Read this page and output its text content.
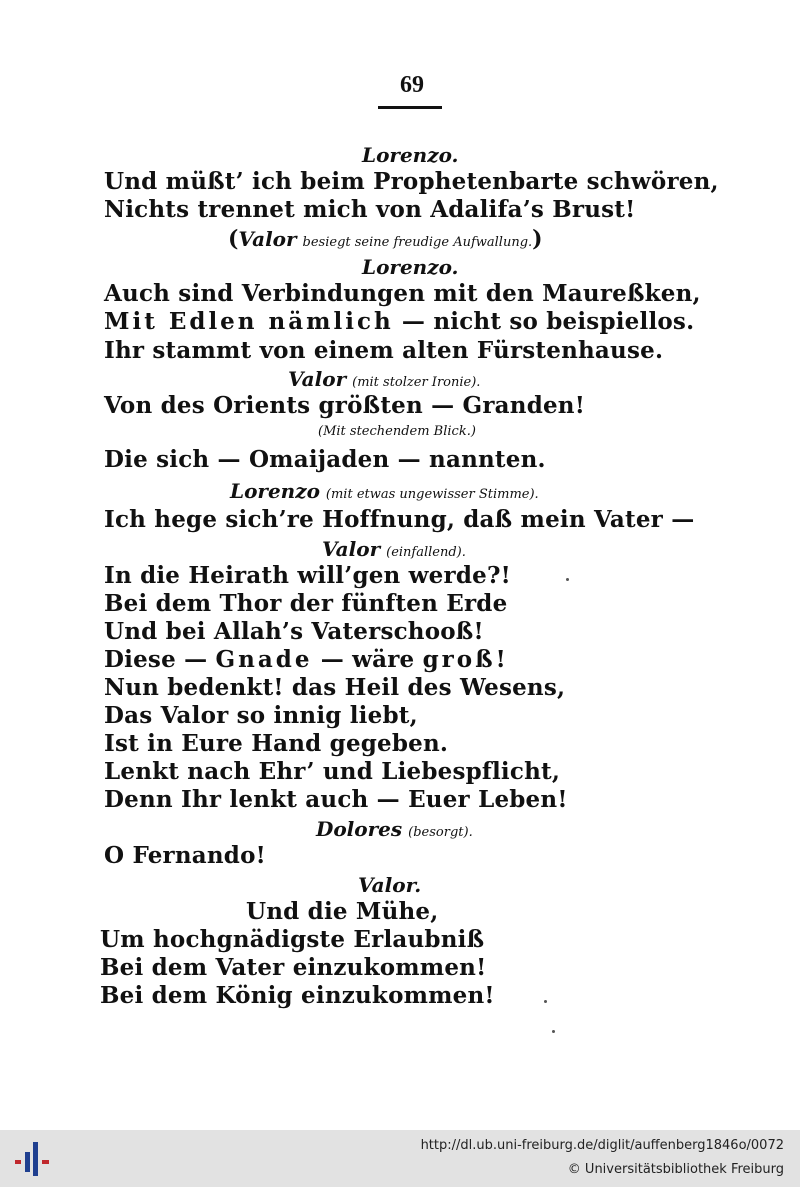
69
Lorenzo.
Und müßt’ ich beim Prophetenbarte schwören,
Nichts trennet mich von Adalifa’s Brust!
(Valor besiegt seine freudige Aufwallung.)
Lorenzo.
Auch sind Verbindungen mit den Maureßken,
Mit Edlen nämlich — nicht so beispiellos.
Ihr stammt von einem alten Fürstenhause.
Valor (mit stolzer Ironie).
Von des Orients größten — Granden!
(Mit stechendem Blick.)
Die sich — Omaijaden — nannten.
Lorenzo (mit etwas ungewisser Stimme).
Ich hege sich’re Hoffnung, daß mein Vater —
Valor (einfallend).
In die Heirath will’gen werde?!
Bei dem Thor der fünften Erde
Und bei Allah’s Vaterschooß!
Diese — Gnade — wäre groß!
Nun bedenkt! das Heil des Wesens,
Das Valor so innig liebt,
Ist in Eure Hand gegeben.
Lenkt nach Ehr’ und Liebespflicht,
Denn Ihr lenkt auch — Euer Leben!
Dolores (besorgt).
O Fernando!
Valor.
Und die Mühe,
Um hochgnädigste Erlaubniß
Bei dem Vater einzukommen!
Bei dem König einzukommen!
http://dl.ub.uni-freiburg.de/diglit/auffenberg1846o/0072
© Universitätsbibliothek Freiburg
